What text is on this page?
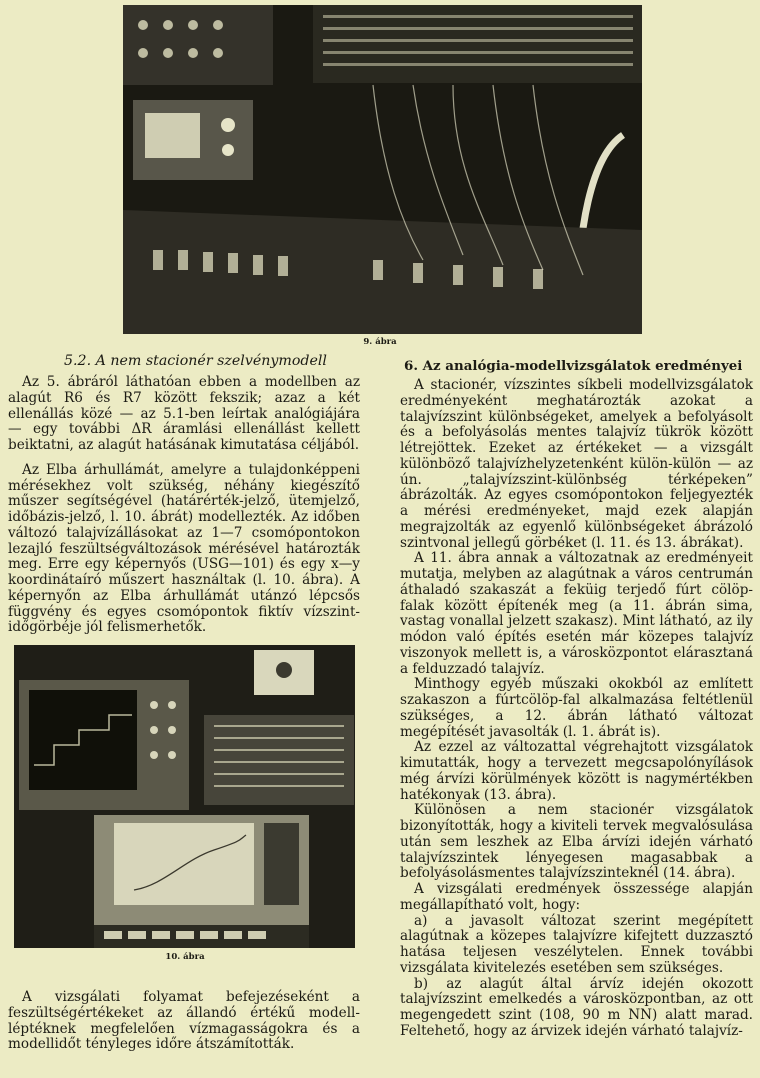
9. ábra
5.2. A nem stacionér szelvénymodell

Az 5. ábráról láthatóan ebben a modellben az alagút R6 és R7 között fekszik; azaz a két ellenállás közé — az 5.1-ben leírtak analógiájára — egy további ΔR áramlási ellenállást kellett beiktatni, az alagút hatásának kimutatása céljából.

Az Elba árhullámát, amelyre a tulajdonképpeni mérésekhez volt szükség, néhány kiegészítő műszer segítségével (határérték-jelző, ütemjelző, időbázis-jelző, l. 10. ábrát) modellezték. Az időben változó talajvízállásokat az 1—7 csomópontokon lezajló feszültségváltozások mérésével határozták meg. Erre egy képernyős (USG—101) és egy x—y koordinátaíró műszert használtak (l. 10. ábra). A képernyőn az Elba árhullámát utánzó lépcsős függvény és egyes csomópontok fiktív vízszint-időgörbéje jól felismerhetők.

10. ábra

A vizsgálati folyamat befejezéseként a feszültségértékeket az állandó értékű modell-léptéknek megfelelően vízmagasságokra és a modellidőt tényleges időre átszámították.

6. Az analógia-modellvizsgálatok eredményei

A stacionér, vízszintes síkbeli modellvizsgálatok eredményeként meghatározták azokat a talajvízszint különbségeket, amelyek a befolyásolt és a befolyásolás mentes talajvíz tükrök között létrejöttek. Ezeket az értékeket — a vizsgált különböző talajvízhelyzetenként külön-külön — az ún. „talajvízszint-különbség térképeken” ábrázolták. Az egyes csomópontokon feljegyezték a mérési eredményeket, majd ezek alapján megrajzolták az egyenlő különbségeket ábrázoló szintvonal jellegű görbéket (l. 11. és 13. ábrákat).

A 11. ábra annak a változatnak az eredményeit mutatja, melyben az alagútnak a város centrumán áthaladó szakaszát a feküig terjedő fúrt cölöp-falak között építenék meg (a 11. ábrán sima, vastag vonallal jelzett szakasz). Mint látható, az ily módon való építés esetén már közepes talajvíz viszonyok mellett is, a városközpontot elárasztaná a felduzzadó talajvíz.

Minthogy egyéb műszaki okokból az említett szakaszon a fúrtcölöp-fal alkalmazása feltétlenül szükséges, a 12. ábrán látható változat megépítését javasolták (l. 1. ábrát is).

Az ezzel az változattal végrehajtott vizsgálatok kimutatták, hogy a tervezett megcsapolónyílások még árvízi körülmények között is nagymértékben hatékonyak (13. ábra).

Különösen a nem stacionér vizsgálatok bizonyították, hogy a kiviteli tervek megvalósulása után sem leszhek az Elba árvízi idején várható talajvízszintek lényegesen magasabbak a befolyásolásmentes talajvízszinteknél (14. ábra).

A vizsgálati eredmények összessége alapján megállapítható volt, hogy:

a) a javasolt változat szerint megépített alagútnak a közepes talajvízre kifejtett duzzasztó hatása teljesen veszélytelen. Ennek további vizsgálata kivitelezés esetében sem szükséges.

b) az alagút által árvíz idején okozott talajvízszint emelkedés a városközpontban, az ott megengedett szint (108, 90 m NN) alatt marad. Feltehető, hogy az árvizek idején várható talajvíz-
